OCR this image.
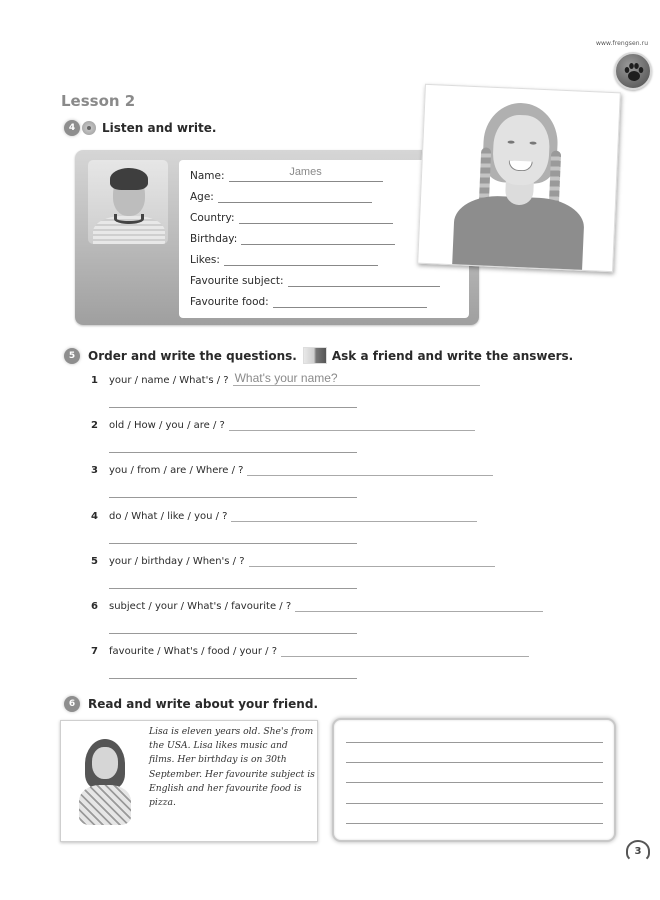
www.frengsen.ru
Lesson 2
4	Listen and write.
Name:	James
Age:
Country:
Birthday:
Likes:
Favourite subject:
Favourite food:
5	Order and write the questions.	Ask a friend and write the answers.
1	your / name / What's / ? What's your name?
2	old / How / you / are / ?
3	you / from / are / Where / ?
4	do / What / like / you / ?
5	your / birthday / When's / ?
6	subject / your / What's / favourite / ?
7	favourite / What's / food / your / ?
6	Read and write about your friend.
Lisa is eleven years old. She's from the USA. Lisa likes music and films. Her birthday is on 30th September. Her favourite subject is English and her favourite food is pizza.
3
